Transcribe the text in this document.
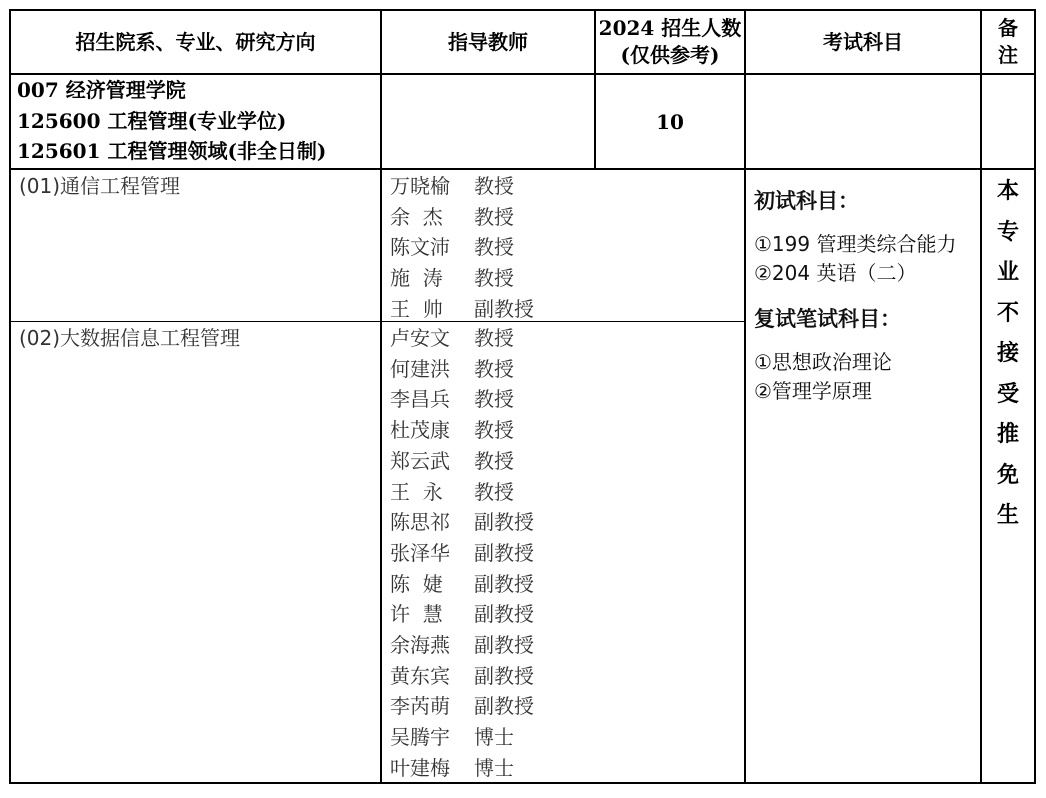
招生院系、专业、研究方向	指导教师
2024 招生人数
(仅供参考)
考试科目
备
注
007 经济管理学院
125600 工程管理(专业学位)
125601 工程管理领域(非全日制)
10
(01)通信工程管理
(02)大数据信息工程管理
万晓榆 教授
余  杰 教授
陈文沛 教授
施  涛 教授
王  帅 副教授
卢安文 教授
何建洪 教授
李昌兵 教授
杜茂康 教授
郑云武 教授
王  永 教授
陈思祁 副教授
张泽华 副教授
陈  婕 副教授
许  慧 副教授
余海燕 副教授
黄东宾 副教授
李芮萌 副教授
吴腾宇 博士
叶建梅 博士
初试科目：
①199 管理类综合能力
②204 英语（二）
复试笔试科目：
①思想政治理论
②管理学原理
本
专
业
不
接
受
推
免
生
